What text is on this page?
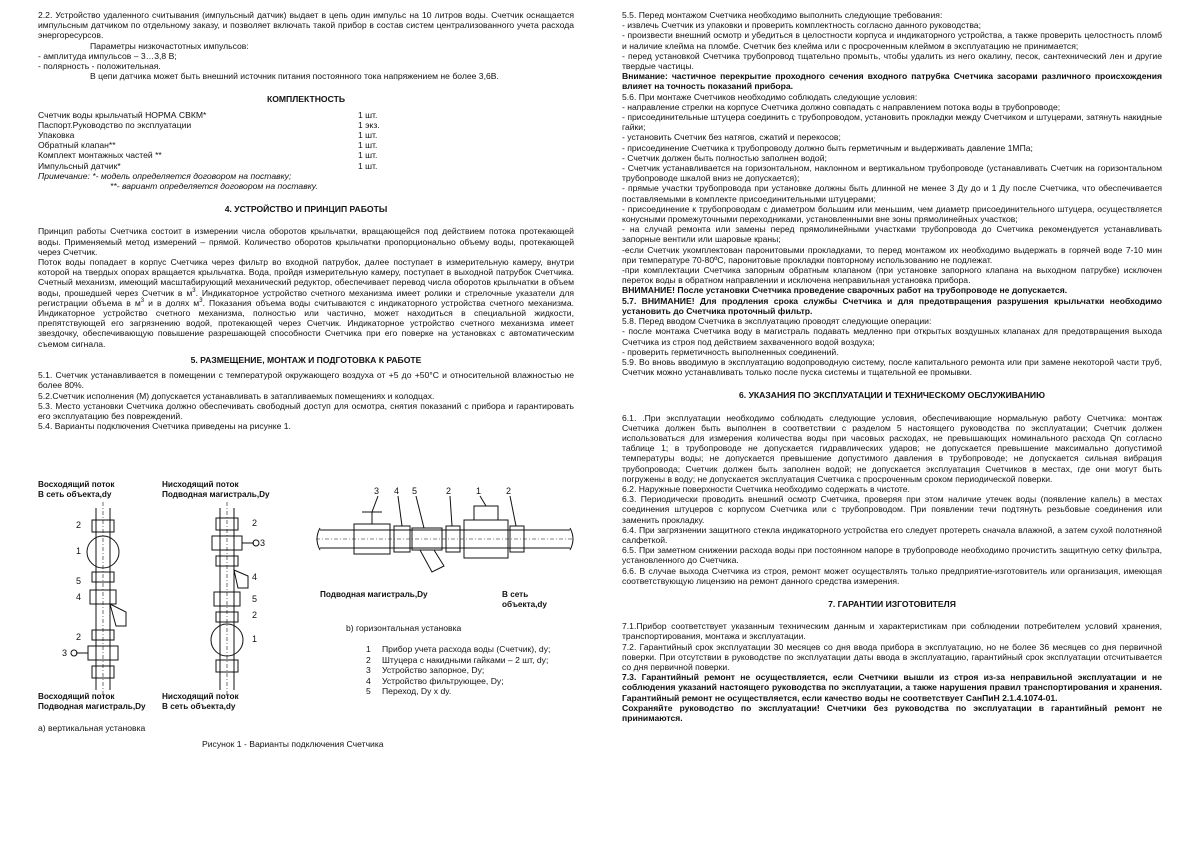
2.2. Устройство удаленного считывания (импульсный датчик) выдает в цепь один импульс на 10 литров воды. Счетчик оснащается импульсным датчиком по отдельному заказу, и позволяет включать такой прибор в состав систем централизованного учета расхода энергоресурсов.

Параметры низкочастотных импульсов:

- амплитуда импульсов – 3…3,8 В;

- полярность - положительная.

В цепи датчика может быть внешний источник питания постоянного тока напряжением не более 3,6В.

КОМПЛЕКТНОСТЬ

Счетчик воды крыльчатый НОРМА СВКМ*	1 шт.
Паспорт.Руководство по эксплуатации	1 экз.
Упаковка	1 шт.
Обратный клапан**	1 шт.
Комплект монтажных частей **	1 шт.
Импульсный датчик*	1 шт.

Примечание: *- модель определяется договором на поставку;

**- вариант определяется договором на поставку.

4. УСТРОЙСТВО И ПРИНЦИП РАБОТЫ

Принцип работы Счетчика состоит в измерении числа оборотов крыльчатки, вращающейся под действием потока протекающей воды. Применяемый метод измерений – прямой. Количество оборотов крыльчатки пропорционально объему воды, протекающей через Счетчик.

Поток воды попадает в корпус Счетчика через фильтр во входной патрубок, далее поступает в измерительную камеру, внутри которой на твердых опорах вращается крыльчатка. Вода, пройдя измерительную камеру, поступает в выходной патрубок Счетчика. Счетный механизм, имеющий масштабирующий механический редуктор, обеспечивает перевод числа оборотов крыльчатки в объем воды, прошедшей через Счетчик в $м^3$. Индикаторное устройство счетного механизма имеет ролики и стрелочные указатели для регистрации объема в $м^3$ и в долях $м^3$. Показания объема воды считываются с индикаторного устройства счетного механизма. Индикаторное устройство счетного механизма, полностью или частично, может находиться в специальной жидкости, препятствующей его загрязнению водой, протекающей через Счетчик. Индикаторное устройство счетного механизма имеет звездочку, обеспечивающую повышение разрешающей способности Счетчика при его поверке на установках с автоматическим съемом сигнала.

5. РАЗМЕЩЕНИЕ, МОНТАЖ И ПОДГОТОВКА К РАБОТЕ

5.1. Счетчик устанавливается в помещении с температурой окружающего воздуха от +5 до +50°С и относительной влажностью не более 80%.

5.2.Счетчик исполнения (М) допускается устанавливать в затапливаемых помещениях и колодцах.

5.3. Место установки Счетчика должно обеспечивать свободный доступ для осмотра, снятия показаний с прибора и гарантировать его эксплуатацию без повреждений.

5.4. Варианты подключения Счетчика приведены на рисунке 1.

Восходящий поток
В сеть объекта,dy
Нисходящий поток
Подводная магистраль,Dy
Восходящий поток
Подводная магистраль,Dy
Нисходящий поток
В сеть объекта,dy
Подводная магистраль,Dy	В сеть объекта,dy
а) вертикальная установка
b) горизонтальная установка
1 Прибор учета расхода воды (Счетчик), dy;
2 Штуцера с накидными гайками – 2 шт, dy;
3 Устройство запорное, Dy;
4 Устройство фильтрующее, Dy;
5 Переход, Dy x dy.
Рисунок 1 - Варианты подключения Счетчика
3 4 5	2	1	2
2
1
5
4
2
3
3
2
4
5
2
1

5.5. Перед монтажом Счетчика необходимо выполнить следующие требования:

- извлечь Счетчик из упаковки и проверить комплектность согласно данного руководства;

- произвести внешний осмотр и убедиться в целостности корпуса и индикаторного устройства, а также проверить целостность пломб и наличие клейма на пломбе. Счетчик без клейма или с просроченным клеймом в эксплуатацию не принимается;

- перед установкой Счетчика трубопровод тщательно промыть, чтобы удалить из него окалину, песок, сантехнический лен и другие твердые частицы.

Внимание: частичное перекрытие проходного сечения входного патрубка Счетчика засорами различного происхождения влияет на точность показаний прибора.

5.6. При монтаже Счетчиков необходимо соблюдать следующие условия:

- направление стрелки на корпусе Счетчика должно совпадать с направлением потока воды в трубопроводе;

- присоединительные штуцера соединить с трубопроводом, установить прокладки между Счетчиком и штуцерами, затянуть накидные гайки;

- установить Счетчик без натягов, сжатий и перекосов;

- присоединение Счетчика к трубопроводу должно быть герметичным и выдерживать давление 1МПа;

- Счетчик должен быть полностью заполнен водой;

- Счетчик устанавливается на горизонтальном, наклонном и вертикальном трубопроводе (устанавливать Счетчик на горизонтальном трубопроводе шкалой вниз не допускается);

- прямые участки трубопровода при установке должны быть длинной не менее 3 Ду до и 1 Ду после Счетчика, что обеспечивается поставляемыми в комплекте присоединительными штуцерами;

- присоединение к трубопроводам с диаметром большим или меньшим, чем диаметр присоединительного штуцера, осуществляется конусными промежуточными переходниками, установленными вне зоны прямолинейных участков;

- на случай ремонта или замены перед прямолинейными участками трубопровода до Счетчика рекомендуется устанавливать запорные вентили или шаровые краны;

-если Счетчик укомплектован паронитовыми прокладками, то перед монтажом их необходимо выдержать в горячей воде 7-10 мин при температуре 70-80ºС, паронитовые прокладки повторному использованию не подлежат.

-при комплектации Счетчика запорным обратным клапаном (при установке запорного клапана на выходном патрубке) исключен переток воды в обратном направлении и исключена неправильная установка прибора.

ВНИМАНИЕ! После установки Счетчика проведение сварочных работ на трубопроводе не допускается.

5.7. ВНИМАНИЕ! Для продления срока службы Счетчика и для предотвращения разрушения крыльчатки необходимо установить до Счетчика проточный фильтр.

5.8. Перед вводом Счетчика в эксплуатацию проводят следующие операции:

- после монтажа Счетчика воду в магистраль подавать медленно при открытых воздушных клапанах для предотвращения выхода Счетчика из строя под действием захваченного водой воздуха;

- проверить герметичность выполненных соединений.

5.9. Во вновь вводимую в эксплуатацию водопроводную систему, после капитального ремонта или при замене некоторой части труб, Счетчик можно устанавливать только после пуска системы и тщательной ее промывки.

6. УКАЗАНИЯ ПО ЭКСПЛУАТАЦИИ И ТЕХНИЧЕСКОМУ ОБСЛУЖИВАНИЮ

6.1. .При эксплуатации необходимо соблюдать следующие условия, обеспечивающие нормальную работу Счетчика: монтаж Счетчика должен быть выполнен в соответствии с разделом 5 настоящего руководства по эксплуатации; Счетчик должен использоваться для измерения количества воды при часовых расходах, не превышающих номинального расхода Qn согласно таблице 1; в трубопроводе не допускается гидравлических ударов; не допускается превышение максимально допустимой температуры воды; не допускается превышение допустимого давления в трубопроводе; не допускается сильная вибрация трубопровода; Счетчик должен быть заполнен водой; не допускается эксплуатация Счетчиков в местах, где они могут быть погружены в воду; не допускается эксплуатация Счетчика с просроченным сроком периодической поверки.

6.2. Наружные поверхности Счетчика необходимо содержать в чистоте.

6.3. Периодически проводить внешний осмотр Счетчика, проверяя при этом наличие утечек воды (появление капель) в местах соединения штуцеров с корпусом Счетчика или с трубопроводом. При появлении течи подтянуть резьбовые соединения или заменить прокладку.

6.4. При загрязнении защитного стекла индикаторного устройства его следует протереть сначала влажной, а затем сухой полотняной салфеткой.

6.5. При заметном снижении расхода воды при постоянном напоре в трубопроводе необходимо прочистить защитную сетку фильтра, установленного до Счетчика.

6.6. В случае выхода Счетчика из строя, ремонт может осуществлять только предприятие-изготовитель или организация, имеющая соответствующую лицензию на ремонт данного средства измерения.

7. ГАРАНТИИ ИЗГОТОВИТЕЛЯ

7.1.Прибор соответствует указанным техническим данным и характеристикам при соблюдении потребителем условий хранения, транспортирования, монтажа и эксплуатации.

7.2. Гарантийный срок эксплуатации 30 месяцев со дня ввода прибора в эксплуатацию, но не более 36 месяцев со дня первичной поверки. При отсутствии в руководстве по эксплуатации даты ввода в эксплуатацию, гарантийный срок эксплуатации отсчитывается со дня первичной поверки.

7.3. Гарантийный ремонт не осуществляется, если Счетчики вышли из строя из-за неправильной эксплуатации и не соблюдения указаний настоящего руководства по эксплуатации, а также нарушения правил транспортирования и хранения. Гарантийный ремонт не осуществляется, если качество воды не соответствует СанПиН 2.1.4.1074-01.

Сохраняйте руководство по эксплуатации! Счетчики без руководства по эксплуатации в гарантийный ремонт не принимаются.
